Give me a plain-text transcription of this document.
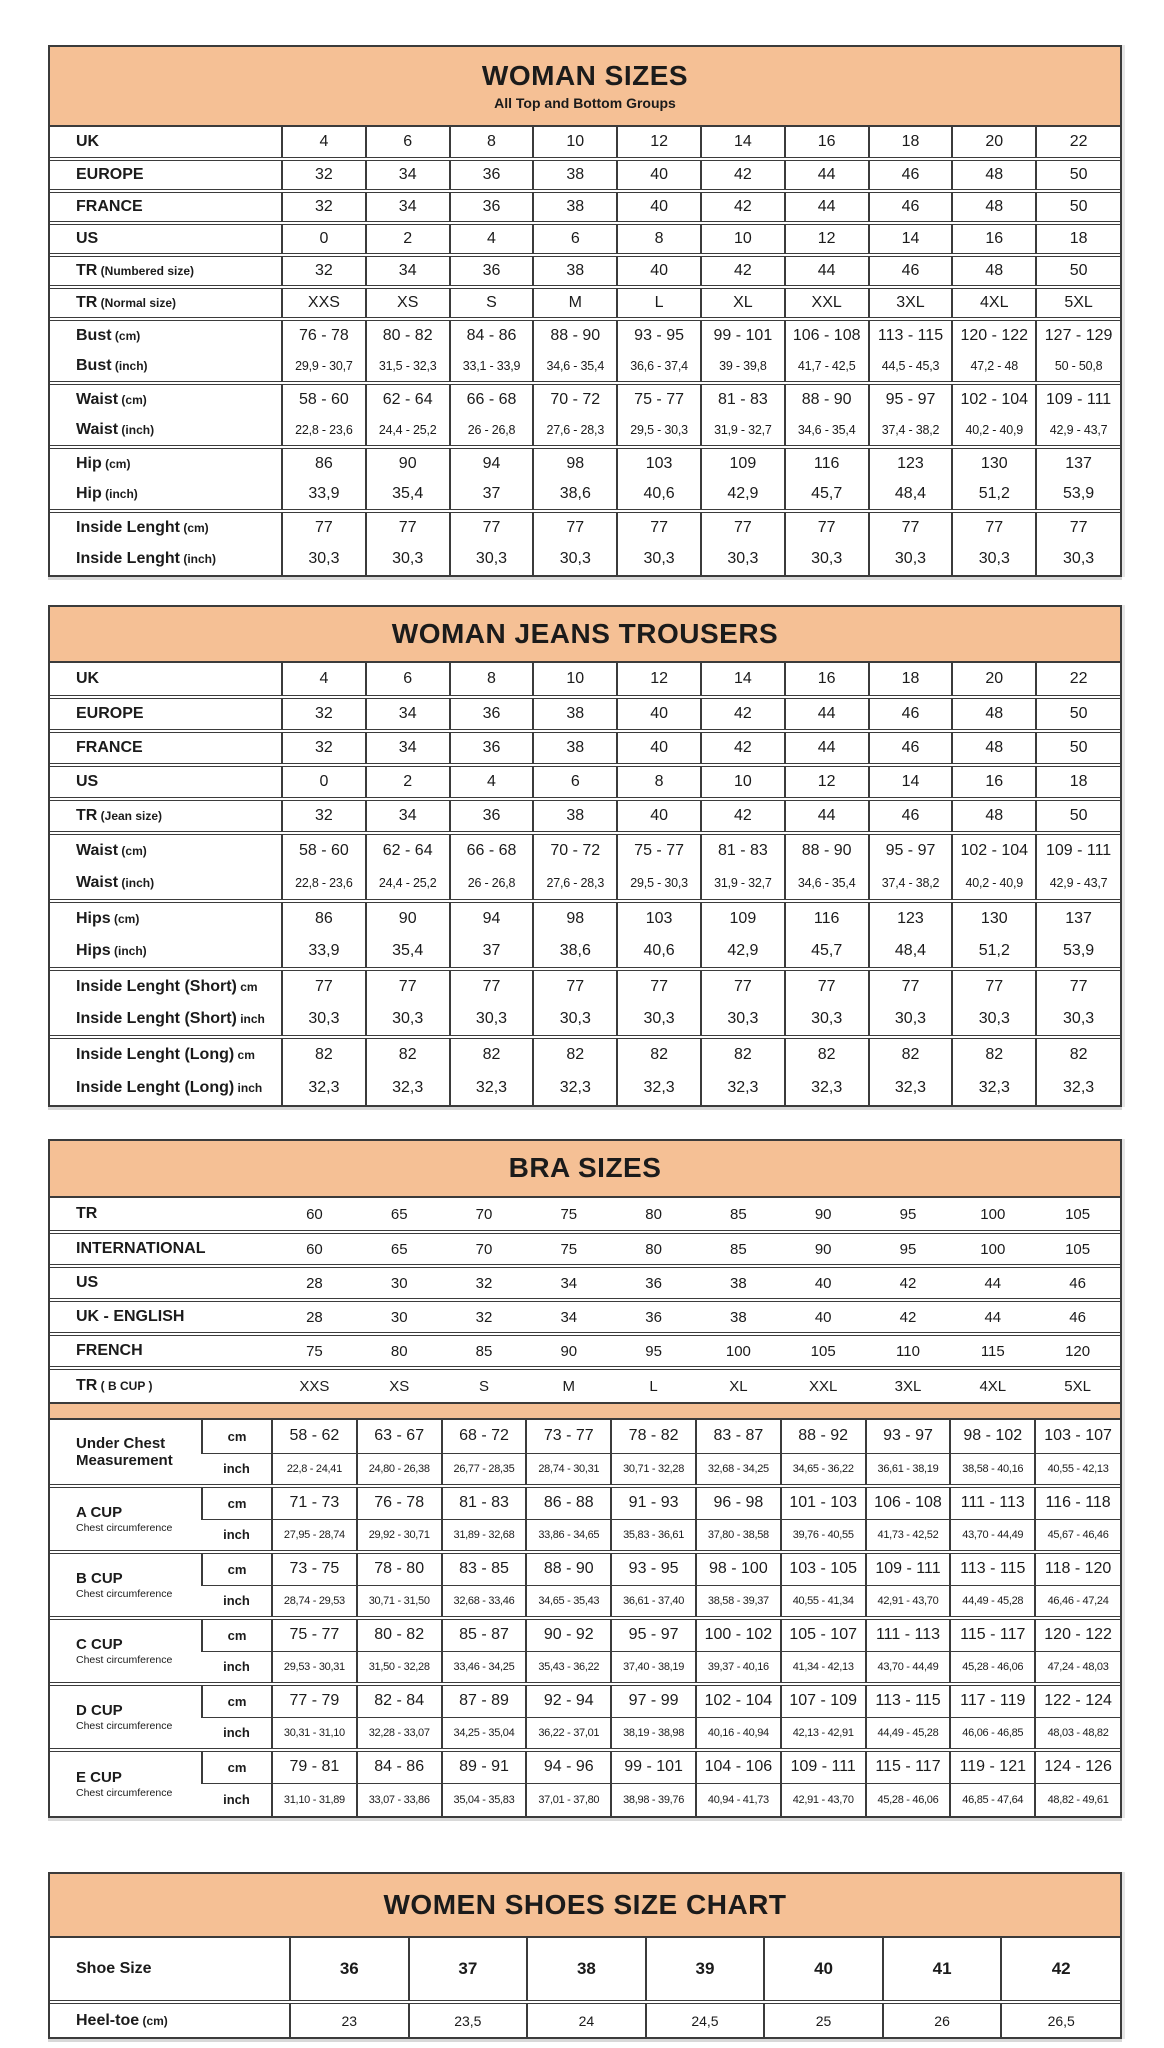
WOMAN SIZES
All Top and Bottom Groups
UK	4	6	8	10	12	14	16	18	20	22
EUROPE	32	34	36	38	40	42	44	46	48	50
FRANCE	32	34	36	38	40	42	44	46	48	50
US	0	2	4	6	8	10	12	14	16	18
TR (Numbered size)	32	34	36	38	40	42	44	46	48	50
TR (Normal size)	XXS	XS	S	M	L	XL	XXL	3XL	4XL	5XL
Bust (cm)	76 - 78	80 - 82	84 - 86	88 - 90	93 - 95	99 - 101	106 - 108	113 - 115	120 - 122	127 - 129
Bust (inch)	29,9 - 30,7	31,5 - 32,3	33,1 - 33,9	34,6 - 35,4	36,6 - 37,4	39 - 39,8	41,7 - 42,5	44,5 - 45,3	47,2 - 48	50 - 50,8
Waist (cm)	58 - 60	62 - 64	66 - 68	70 - 72	75 - 77	81 - 83	88 - 90	95 - 97	102 - 104	109 - 111
Waist (inch)	22,8 - 23,6	24,4 - 25,2	26 - 26,8	27,6 - 28,3	29,5 - 30,3	31,9 - 32,7	34,6 - 35,4	37,4 - 38,2	40,2 - 40,9	42,9 - 43,7
Hip (cm)	86	90	94	98	103	109	116	123	130	137
Hip (inch)	33,9	35,4	37	38,6	40,6	42,9	45,7	48,4	51,2	53,9
Inside Lenght (cm)	77	77	77	77	77	77	77	77	77	77
Inside Lenght (inch)	30,3	30,3	30,3	30,3	30,3	30,3	30,3	30,3	30,3	30,3
WOMAN JEANS TROUSERS
UK	4	6	8	10	12	14	16	18	20	22
EUROPE	32	34	36	38	40	42	44	46	48	50
FRANCE	32	34	36	38	40	42	44	46	48	50
US	0	2	4	6	8	10	12	14	16	18
TR (Jean size)	32	34	36	38	40	42	44	46	48	50
Waist (cm)	58 - 60	62 - 64	66 - 68	70 - 72	75 - 77	81 - 83	88 - 90	95 - 97	102 - 104	109 - 111
Waist (inch)	22,8 - 23,6	24,4 - 25,2	26 - 26,8	27,6 - 28,3	29,5 - 30,3	31,9 - 32,7	34,6 - 35,4	37,4 - 38,2	40,2 - 40,9	42,9 - 43,7
Hips (cm)	86	90	94	98	103	109	116	123	130	137
Hips (inch)	33,9	35,4	37	38,6	40,6	42,9	45,7	48,4	51,2	53,9
Inside Lenght (Short) cm	77	77	77	77	77	77	77	77	77	77
Inside Lenght (Short) inch	30,3	30,3	30,3	30,3	30,3	30,3	30,3	30,3	30,3	30,3
Inside Lenght (Long) cm	82	82	82	82	82	82	82	82	82	82
Inside Lenght (Long) inch	32,3	32,3	32,3	32,3	32,3	32,3	32,3	32,3	32,3	32,3
BRA SIZES
TR	60	65	70	75	80	85	90	95	100	105
INTERNATIONAL	60	65	70	75	80	85	90	95	100	105
US	28	30	32	34	36	38	40	42	44	46
UK - ENGLISH	28	30	32	34	36	38	40	42	44	46
FRENCH	75	80	85	90	95	100	105	110	115	120
TR ( B CUP )	XXS	XS	S	M	L	XL	XXL	3XL	4XL	5XL
Under Chest
Measurement	cm	58 - 62	63 - 67	68 - 72	73 - 77	78 - 82	83 - 87	88 - 92	93 - 97	98 - 102	103 - 107
	inch	22,8 - 24,41	24,80 - 26,38	26,77 - 28,35	28,74 - 30,31	30,71 - 32,28	32,68 - 34,25	34,65 - 36,22	36,61 - 38,19	38,58 - 40,16	40,55 - 42,13

A CUP
Chest circumference	cm	71 - 73	76 - 78	81 - 83	86 - 88	91 - 93	96 - 98	101 - 103	106 - 108	111 - 113	116 - 118
	inch	27,95 - 28,74	29,92 - 30,71	31,89 - 32,68	33,86 - 34,65	35,83 - 36,61	37,80 - 38,58	39,76 - 40,55	41,73 - 42,52	43,70 - 44,49	45,67 - 46,46

B CUP
Chest circumference	cm	73 - 75	78 - 80	83 - 85	88 - 90	93 - 95	98 - 100	103 - 105	109 - 111	113 - 115	118 - 120
	inch	28,74 - 29,53	30,71 - 31,50	32,68 - 33,46	34,65 - 35,43	36,61 - 37,40	38,58 - 39,37	40,55 - 41,34	42,91 - 43,70	44,49 - 45,28	46,46 - 47,24

C CUP
Chest circumference	cm	75 - 77	80 - 82	85 - 87	90 - 92	95 - 97	100 - 102	105 - 107	111 - 113	115 - 117	120 - 122
	inch	29,53 - 30,31	31,50 - 32,28	33,46 - 34,25	35,43 - 36,22	37,40 - 38,19	39,37 - 40,16	41,34 - 42,13	43,70 - 44,49	45,28 - 46,06	47,24 - 48,03

D CUP
Chest circumference	cm	77 - 79	82 - 84	87 - 89	92 - 94	97 - 99	102 - 104	107 - 109	113 - 115	117 - 119	122 - 124
	inch	30,31 - 31,10	32,28 - 33,07	34,25 - 35,04	36,22 - 37,01	38,19 - 38,98	40,16 - 40,94	42,13 - 42,91	44,49 - 45,28	46,06 - 46,85	48,03 - 48,82

E CUP
Chest circumference	cm	79 - 81	84 - 86	89 - 91	94 - 96	99 - 101	104 - 106	109 - 111	115 - 117	119 - 121	124 - 126
	inch	31,10 - 31,89	33,07 - 33,86	35,04 - 35,83	37,01 - 37,80	38,98 - 39,76	40,94 - 41,73	42,91 - 43,70	45,28 - 46,06	46,85 - 47,64	48,82 - 49,61
WOMEN SHOES SIZE CHART
Shoe Size	36	37	38	39	40	41	42
Heel-toe (cm)	23	23,5	24	24,5	25	26	26,5
